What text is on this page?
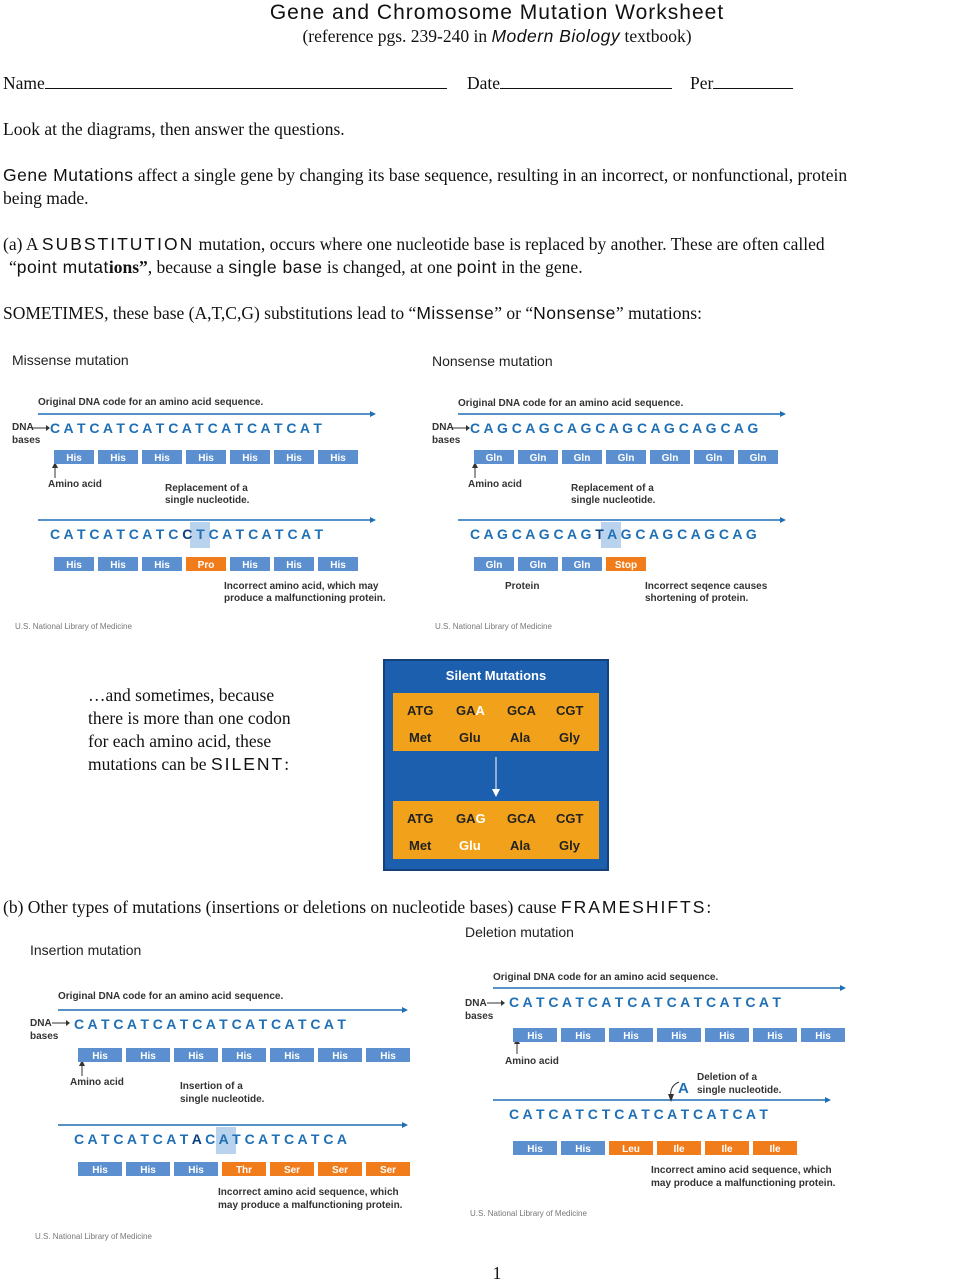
Gene and Chromosome Mutation Worksheet
(reference pgs. 239-240 in Modern Biology textbook)
Name	Date	Per
Look at the diagrams, then answer the questions.
Gene Mutations affect a single gene by changing its base sequence, resulting in an incorrect, or nonfunctional, protein
being made.
(a) A SUBSTITUTION mutation, occurs where one nucleotide base is replaced by another. These are often called
“point mutations”, because a single base is changed, at one point in the gene.
SOMETIMES, these base (A,T,C,G) substitutions lead to “Missense” or “Nonsense” mutations:
Missense mutation
Original DNA code for an amino acid sequence.
DNA
bases
C A T C A T C A T C A T C A T C A T C A T
His	His	His	His	His	His	His
Amino acid	Replacement of a
single nucleotide.
C A T C A T C A T C C T C A T C A T C A T
His	His	His	Pro	His	His	His
Incorrect amino acid, which may
produce a malfunctioning protein.
U.S. National Library of Medicine
Nonsense mutation
Original DNA code for an amino acid sequence.
DNA
bases
C A G C A G C A G C A G C A G C A G C A G
Gln	Gln	Gln	Gln	Gln	Gln	Gln
Amino acid	Replacement of a
single nucleotide.
C A G C A G C A G T A G C A G C A G C A G
Gln	Gln	Gln Stop
Protein	Incorrect seqence causes
shortening of protein.
U.S. National Library of Medicine
…and sometimes, because
there is more than one codon
for each amino acid, these
mutations can be SILENT:
Silent Mutations
ATG GAA GCA CGT
Met Glu Ala Gly
ATG GAG GCA CGT
Met Glu Ala Gly
(b) Other types of mutations (insertions or deletions on nucleotide bases) cause FRAMESHIFTS:
Insertion mutation
Original DNA code for an amino acid sequence.
DNA
bases
C A T C A T C A T C A T C A T C A T C A T
His	His	His	His	His	His	His
Amino acid	Insertion of a
single nucleotide.
C A T C A T C A T A C A T C A T C A T C A
His	His	His	Thr	Ser	Ser	Ser
Incorrect amino acid sequence, which
may produce a malfunctioning protein.
U.S. National Library of Medicine
Deletion mutation
Original DNA code for an amino acid sequence.
DNA
bases
C A T C A T C A T C A T C A T C A T C A T
His	His	His	His	His	His	His
Amino acid
A
Deletion of a
single nucleotide.
C A T C A T C T C A T C A T C A T C A T
His	His	Leu	Ile	Ile	Ile
Incorrect amino acid sequence, which
may produce a malfunctioning protein.
U.S. National Library of Medicine
1
